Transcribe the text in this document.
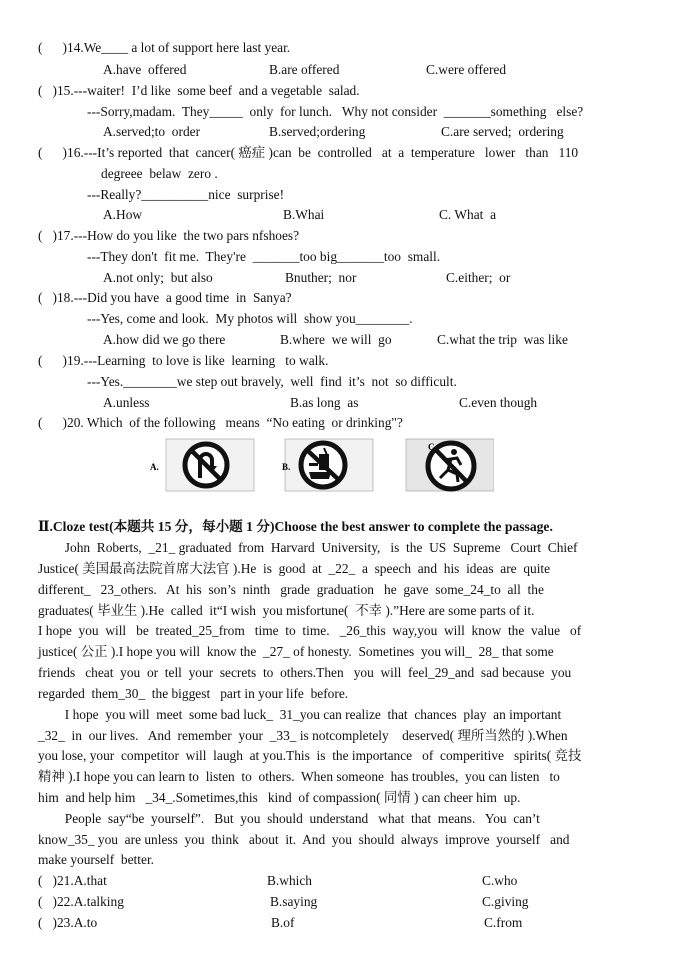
(      )14.We____ a lot of support here last year.
A.have  offered	B.are offered	C.were offered
(   )15.---waiter!  I’d like  some beef  and a vegetable  salad.
---Sorry,madam.  They_____  only  for lunch.   Why not consider  _______something   else?
A.served;to  order	B.served;ordering	C.are served;  ordering
(      )16.---It’s reported  that  cancer( 癌症 )can  be  controlled   at  a  temperature   lower   than   110
degreee  belaw  zero .
---Really?__________nice  surprise!
A.How	B.Whai	C. What  a
(   )17.---How do you like  the two pars nfshoes?
---They don't  fit me.  They're  _______too big_______too  small.
A.not only;  but also	Bnuther;  nor	C.either;  or
(   )18.---Did you have  a good time  in  Sanya?
---Yes, come and look.  My photos will  show you________.
A.how did we go there	B.where  we will  go	C.what the trip  was like
(      )19.---Learning  to love is like  learning   to walk.
---Yes.________we step out bravely,  well  find  it’s  not  so difficult.
A.unless	B.as long  as	C.even though
(      )20. Which  of the following   means  “No eating  or drinking"?
A.	B.
C.
Ⅱ.Cloze test(本题共 15 分，每小题 1 分)Choose the best answer to complete the passage.
John  Roberts,  _21_ graduated  from  Harvard  University,   is  the  US  Supreme   Court  Chief
Justice( 美国最高法院首席大法官 ).He  is  good  at  _22_  a  speech  and  his  ideas  are  quite
different_   23_others.   At  his  son’s  ninth   grade  graduation   he  gave  some_24_to  all  the
graduates( 毕业生 ).He  called  it“I wish  you misfortune(  不幸 ).”Here are some parts of it.
I hope  you  will   be  treated_25_from   time  to  time.   _26_this  way,you  will  know  the  value   of
justice( 公正 ).I hope you will  know the  _27_ of honesty.  Sometines  you will_  28_ that some
friends   cheat  you  or  tell  your  secrets  to  others.Then   you  will  feel_29_and  sad because  you
regarded  them_30_  the biggest   part in your life  before.
I hope  you will  meet  some bad luck_  31_you can realize  that  chances  play  an important
_32_  in  our lives.   And  remember  your  _33_ is notcompletely    deserved( 理所当然的 ).When
you lose, your  competitor  will  laugh  at you.This  is  the importance   of  comperitive   spirits( 竞技
精神 ).I hope you can learn to  listen  to  others.  When someone  has troubles,  you can listen   to
him  and help him   _34_.Sometimes,this   kind  of compassion( 同情 ) can cheer him  up.
People  say“be  yourself”.   But  you  should  understand   what  that  means.   You  can’t
know_35_ you  are unless  you  think   about  it.  And  you  should  always  improve  yourself   and
make yourself  better.
(   )21.A.that	B.which	C.who
(   )22.A.talking	B.saying	C.giving
(   )23.A.to	B.of	C.from
